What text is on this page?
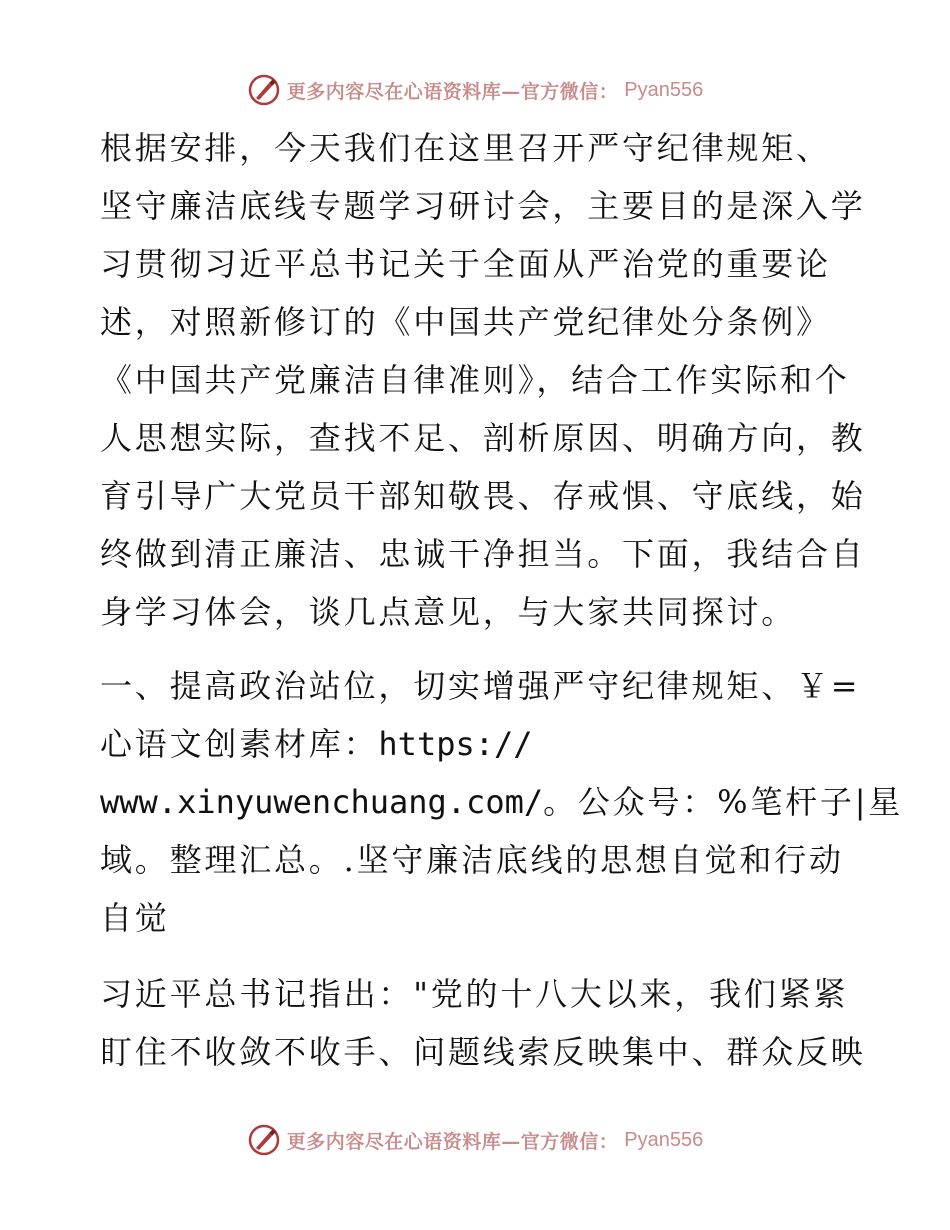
更多内容尽在心语资料库—官方微信： Pyan556
根据安排，今天我们在这里召开严守纪律规矩、
坚守廉洁底线专题学习研讨会，主要目的是深入学
习贯彻习近平总书记关于全面从严治党的重要论
述，对照新修订的《中国共产党纪律处分条例》
《中国共产党廉洁自律准则》，结合工作实际和个
人思想实际，查找不足、剖析原因、明确方向，教
育引导广大党员干部知敬畏、存戒惧、守底线，始
终做到清正廉洁、忠诚干净担当。下面，我结合自
身学习体会，谈几点意见，与大家共同探讨。
一、提高政治站位，切实增强严守纪律规矩、￥=
心语文创素材库：https://
www.xinyuwenchuang.com/。公众号：%笔杆子|星
域。整理汇总。.坚守廉洁底线的思想自觉和行动
自觉
习近平总书记指出："党的十八大以来，我们紧紧
盯住不收敛不收手、问题线索反映集中、群众反映
更多内容尽在心语资料库—官方微信： Pyan556
